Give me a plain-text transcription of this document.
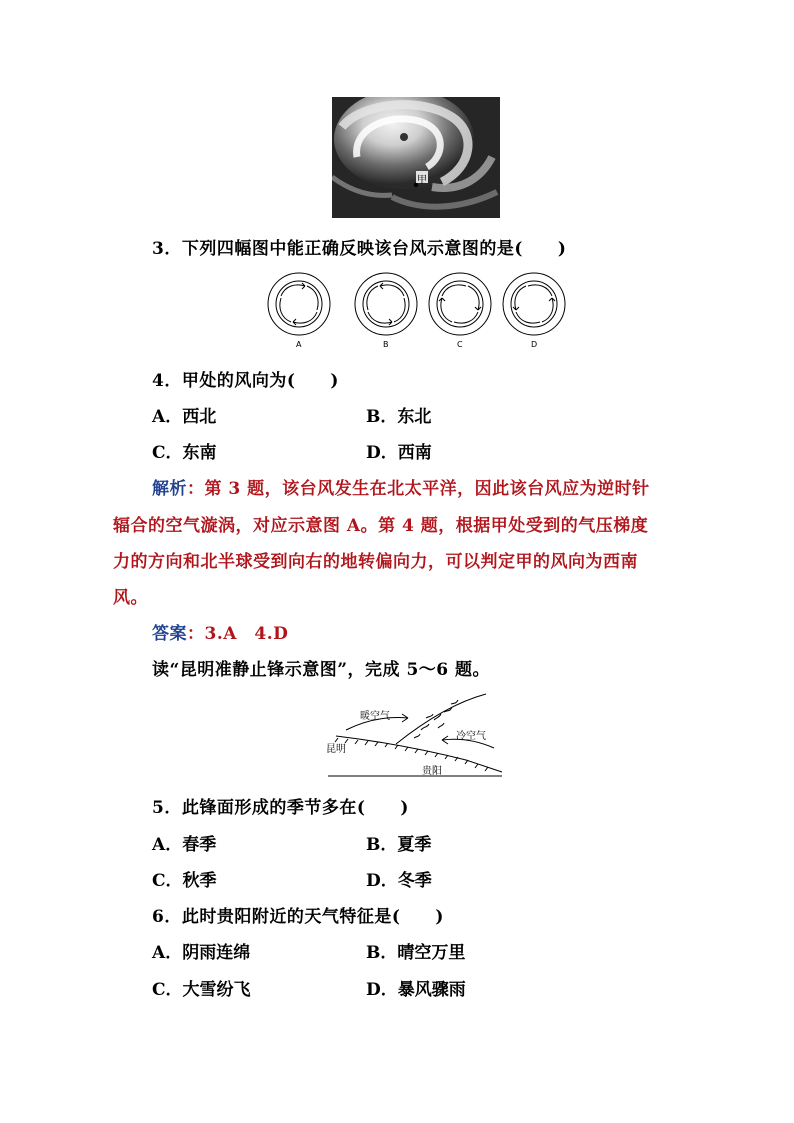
甲
3．下列四幅图中能正确反映该台风示意图的是(　　)
A	B	C	D
4．甲处的风向为(　　)
A．西北	B．东北
C．东南	D．西南
解析：第 3 题，该台风发生在北太平洋，因此该台风应为逆时针
辐合的空气漩涡，对应示意图 A。第 4 题，根据甲处受到的气压梯度
力的方向和北半球受到向右的地转偏向力，可以判定甲的风向为西南
风。
答案：3.A　4.D
读“昆明准静止锋示意图”，完成 5～6 题。
暖空气
冷空气
昆明
贵阳
5．此锋面形成的季节多在(　　)
A．春季	B．夏季
C．秋季	D．冬季
6．此时贵阳附近的天气特征是(　　)
A．阴雨连绵	B．晴空万里
C．大雪纷飞	D．暴风骤雨
